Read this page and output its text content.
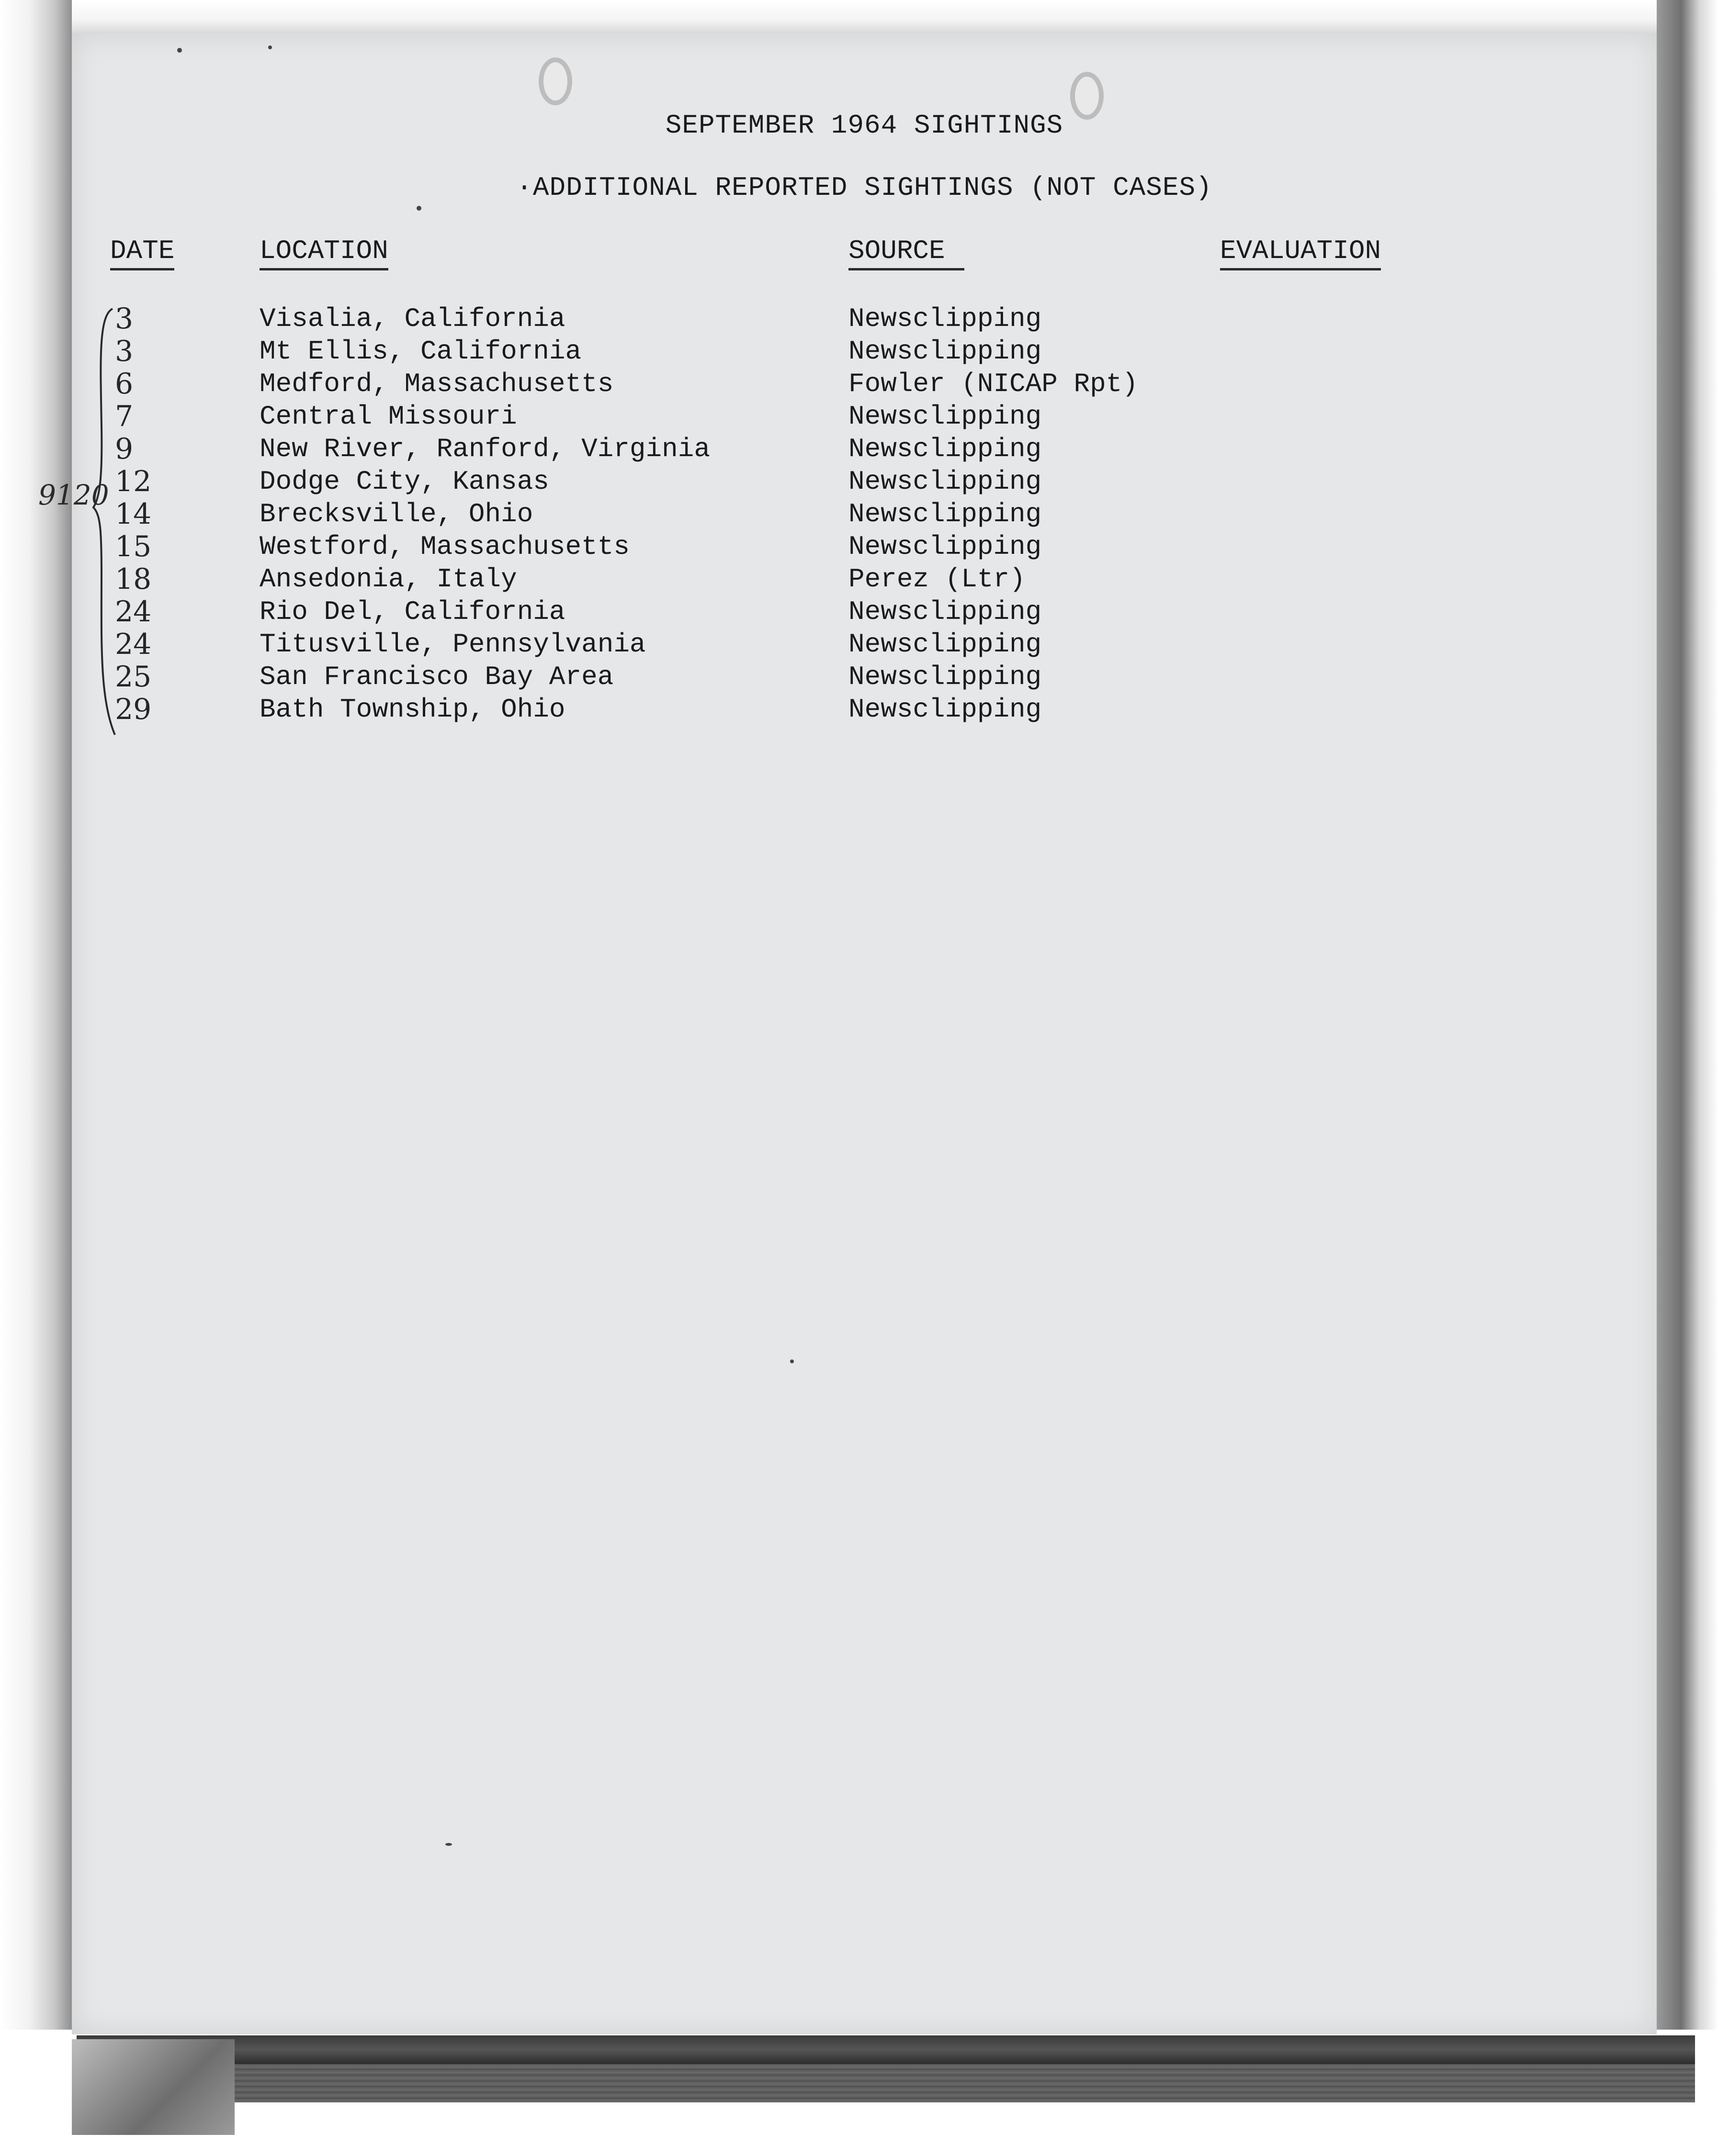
SEPTEMBER 1964 SIGHTINGS
·ADDITIONAL REPORTED SIGHTINGS (NOT CASES)
DATE	LOCATION	SOURCE	EVALUATION
9120
3	Visalia, California	Newsclipping
3	Mt Ellis, California	Newsclipping
6	Medford, Massachusetts	Fowler (NICAP Rpt)
7	Central Missouri	Newsclipping
9	New River, Ranford, Virginia	Newsclipping
12	Dodge City, Kansas	Newsclipping
14	Brecksville, Ohio	Newsclipping
15	Westford, Massachusetts	Newsclipping
18	Ansedonia, Italy	Perez (Ltr)
24	Rio Del, California	Newsclipping
24	Titusville, Pennsylvania	Newsclipping
25	San Francisco Bay Area	Newsclipping
29	Bath Township, Ohio	Newsclipping
